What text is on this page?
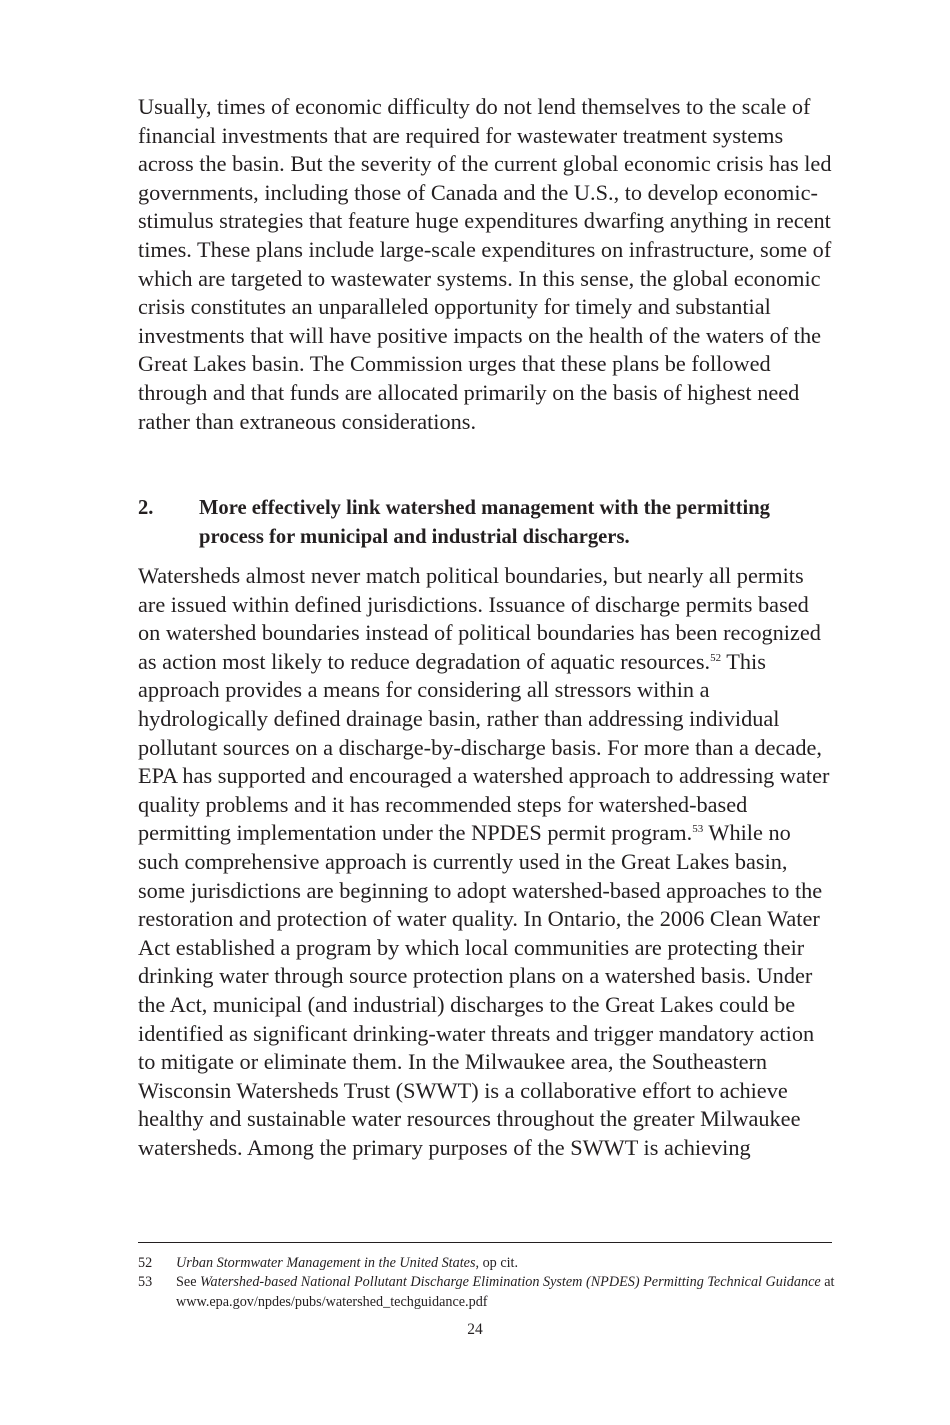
Usually, times of economic difficulty do not lend themselves to the scale of financial investments that are required for wastewater treatment systems across the basin. But the severity of the current global economic crisis has led governments, including those of Canada and the U.S., to develop economic-stimulus strategies that feature huge expenditures dwarfing anything in recent times. These plans include large-scale expenditures on infrastructure, some of which are targeted to wastewater systems. In this sense, the global economic crisis constitutes an unparalleled opportunity for timely and substantial investments that will have positive impacts on the health of the waters of the Great Lakes basin. The Commission urges that these plans be followed through and that funds are allocated primarily on the basis of highest need rather than extraneous considerations.

2. More effectively link watershed management with the permitting process for municipal and industrial dischargers.

Watersheds almost never match political boundaries, but nearly all permits are issued within defined jurisdictions. Issuance of discharge permits based on watershed boundaries instead of political boundaries has been recognized as action most likely to reduce degradation of aquatic resources.$^{52}$ This approach provides a means for considering all stressors within a hydrologically defined drainage basin, rather than addressing individual pollutant sources on a discharge-by-discharge basis. For more than a decade, EPA has supported and encouraged a watershed approach to addressing water quality problems and it has recommended steps for watershed-based permitting implementation under the NPDES permit program.$^{53}$ While no such comprehensive approach is currently used in the Great Lakes basin, some jurisdictions are beginning to adopt watershed-based approaches to the restoration and protection of water quality. In Ontario, the 2006 Clean Water Act established a program by which local communities are protecting their drinking water through source protection plans on a watershed basis. Under the Act, municipal (and industrial) discharges to the Great Lakes could be identified as significant drinking-water threats and trigger mandatory action to mitigate or eliminate them. In the Milwaukee area, the Southeastern Wisconsin Watersheds Trust (SWWT) is a collaborative effort to achieve healthy and sustainable water resources throughout the greater Milwaukee watersheds. Among the primary purposes of the SWWT is achieving

52 Urban Stormwater Management in the United States, op cit.
53 See Watershed-based National Pollutant Discharge Elimination System (NPDES) Permitting Technical Guidance at www.epa.gov/npdes/pubs/watershed_techguidance.pdf
24
